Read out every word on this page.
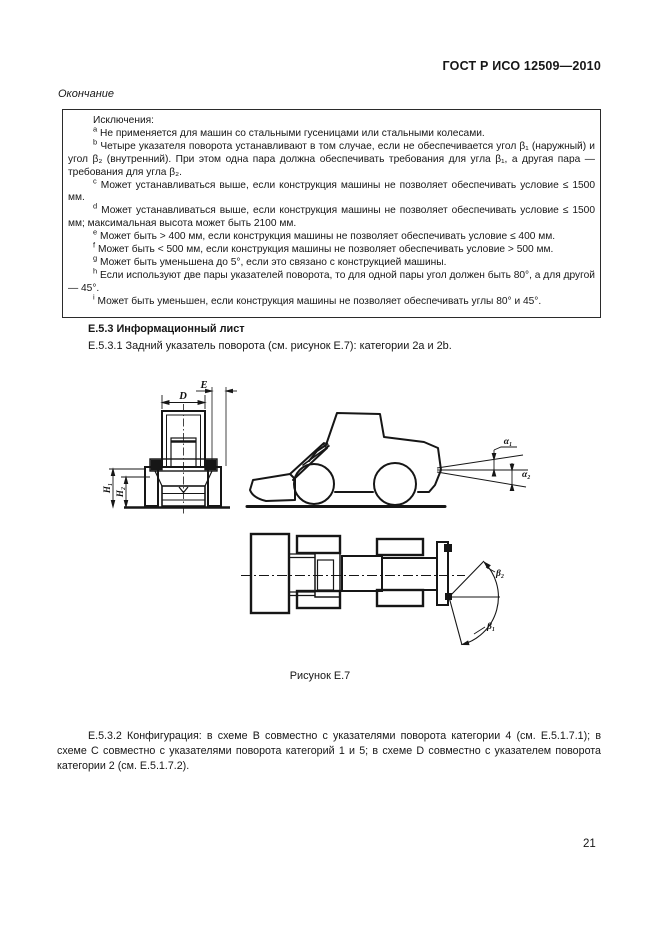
ГОСТ Р ИСО 12509—2010
Окончание

Исключения:

$^a$ Не применяется для машин со стальными гусеницами или стальными колесами.

$^b$ Четыре указателя поворота устанавливают в том случае, если не обеспечивается угол β₁ (наружный) и угол β₂ (внутренний). При этом одна пара должна обеспечивать требования для угла β₁, а другая пара — требования для угла β₂.

$^c$ Может устанавливаться выше, если конструкция машины не позволяет обеспечивать условие ≤ 1500 мм.

$^d$ Может устанавливаться выше, если конструкция машины не позволяет обеспечивать условие ≤ 1500 мм; максимальная высота может быть 2100 мм.

$^e$ Может быть > 400 мм, если конструкция машины не позволяет обеспечивать условие ≤ 400 мм.

$^f$ Может быть < 500 мм, если конструкция машины не позволяет обеспечивать условие > 500 мм.

$^g$ Может быть уменьшена до 5°, если это связано с конструкцией машины.

$^h$ Если используют две пары указателей поворота, то для одной пары угол должен быть 80°, а для другой — 45°.

$^i$ Может быть уменьшен, если конструкция машины не позволяет обеспечивать углы 80° и 45°.

Е.5.3 Информационный лист
Е.5.3.1 Задний указатель поворота (см. рисунок Е.7): категории 2a и 2b.
D
E
H₁ H₂
α₁
α₂
β₂
β₁
Рисунок Е.7
Е.5.3.2 Конфигурация: в схеме В совместно с указателями поворота категории 4 (см. Е.5.1.7.1); в схеме С совместно с указателями поворота категорий 1 и 5; в схеме D совместно с указателем поворота категории 2 (см. Е.5.1.7.2).
21
